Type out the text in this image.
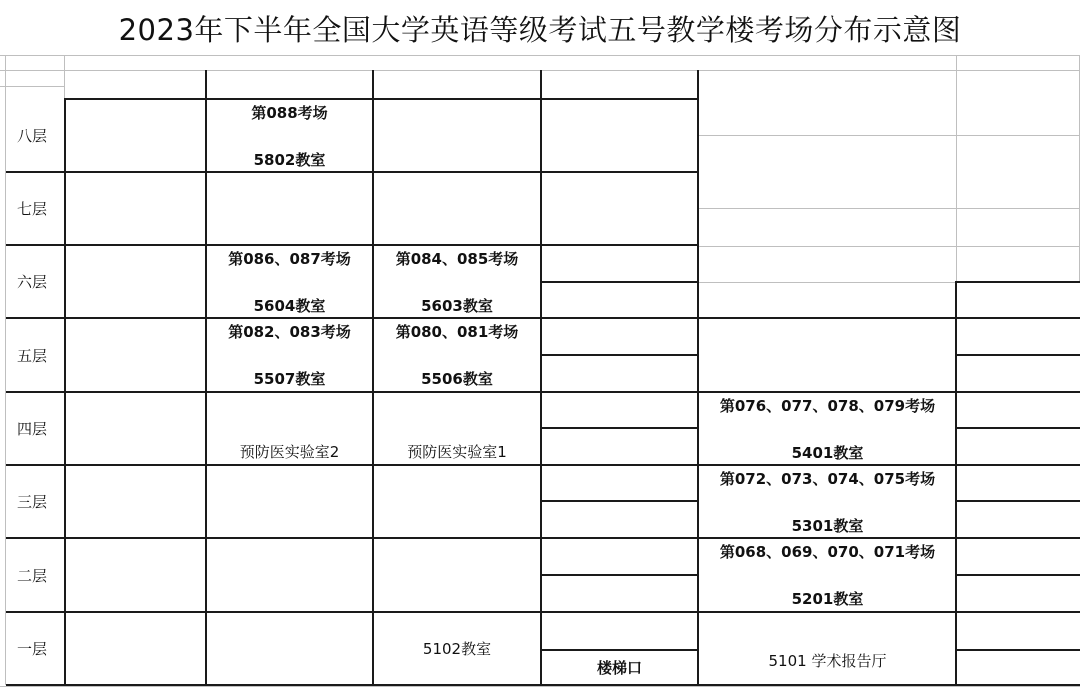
2023年下半年全国大学英语等级考试五号教学楼考场分布示意图
八层
七层
六层
五层
四层
三层
二层
一层
第088考场
5802教室
第086、087考场
5604教室
第084、085考场
5603教室
第082、083考场
5507教室
第080、081考场
5506教室
预防医实验室2	预防医实验室1
第076、077、078、079考场
5401教室
第072、073、074、075考场
5301教室
第068、069、070、071考场
5201教室
5102教室
楼梯口	5101 学术报告厅
